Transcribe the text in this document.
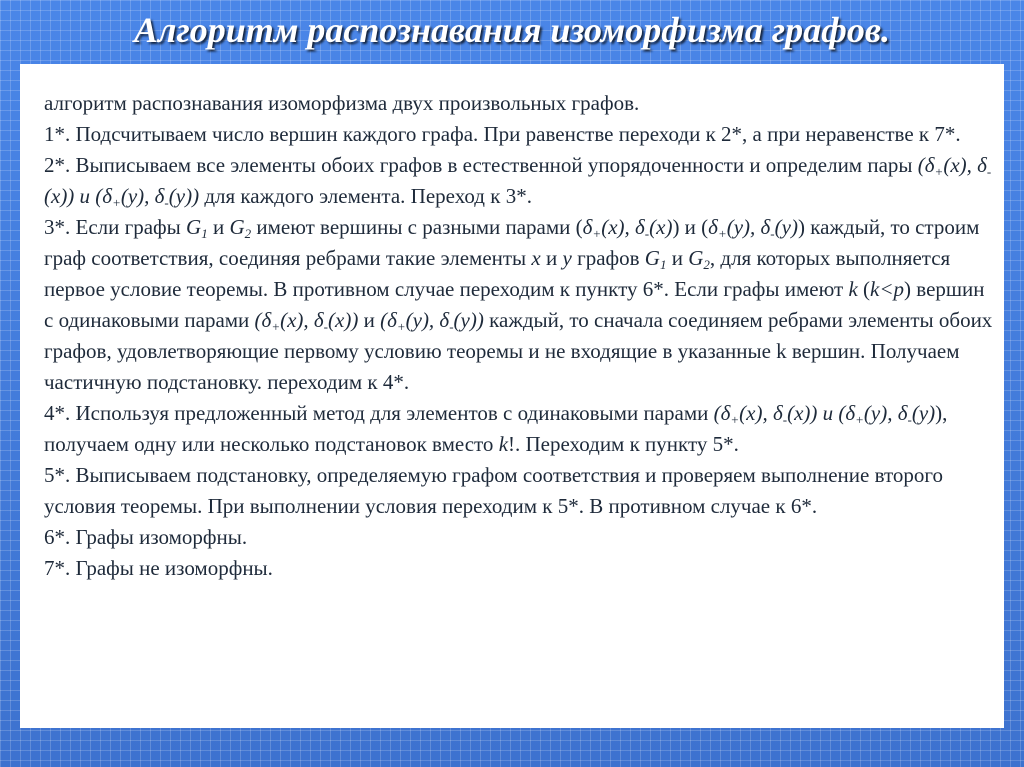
Алгоритм распознавания изоморфизма графов.

алгоритм распознавания изоморфизма двух произвольных графов.

1*. Подсчитываем число вершин каждого графа. При равенстве переходи к 2*, а при неравенстве к 7*.

2*. Выписываем все элементы обоих графов в естественной упорядоченности и определим пары ($\delta_+(x)$, $\delta_-(x)$) и ($\delta_+(y)$, $\delta_-(y)$) для каждого элемента. Переход к 3*.

3*. Если графы $G_1$ и $G_2$ имеют вершины с разными парами ($\delta_+(x)$, $\delta_-(x)$) и ($\delta_+(y)$, $\delta_-(y)$) каждый, то строим граф соответствия, соединяя ребрами такие элементы x и y графов $G_1$ и $G_2$, для которых выполняется первое условие теоремы. В противном случае переходим к пункту 6*. Если графы имеют k (k<p) вершин с одинаковыми парами ($\delta_+(x)$, $\delta_-(x)$) и ($\delta_+(y)$, $\delta_-(y)$) каждый, то сначала соединяем ребрами элементы обоих графов, удовлетворяющие первому условию теоремы и не входящие в указанные k вершин. Получаем частичную подстановку. переходим к 4*.

4*. Используя предложенный метод для элементов с одинаковыми парами ($\delta_+(x)$, $\delta_-(x)$) и ($\delta_+(y)$, $\delta_-(y)$), получаем одну или несколько подстановок вместо k!. Переходим к пункту 5*.

5*. Выписываем подстановку, определяемую графом соответствия и проверяем выполнение второго условия теоремы. При выполнении условия переходим к 5*. В противном случае к 6*.

6*. Графы изоморфны.

7*. Графы не изоморфны.
